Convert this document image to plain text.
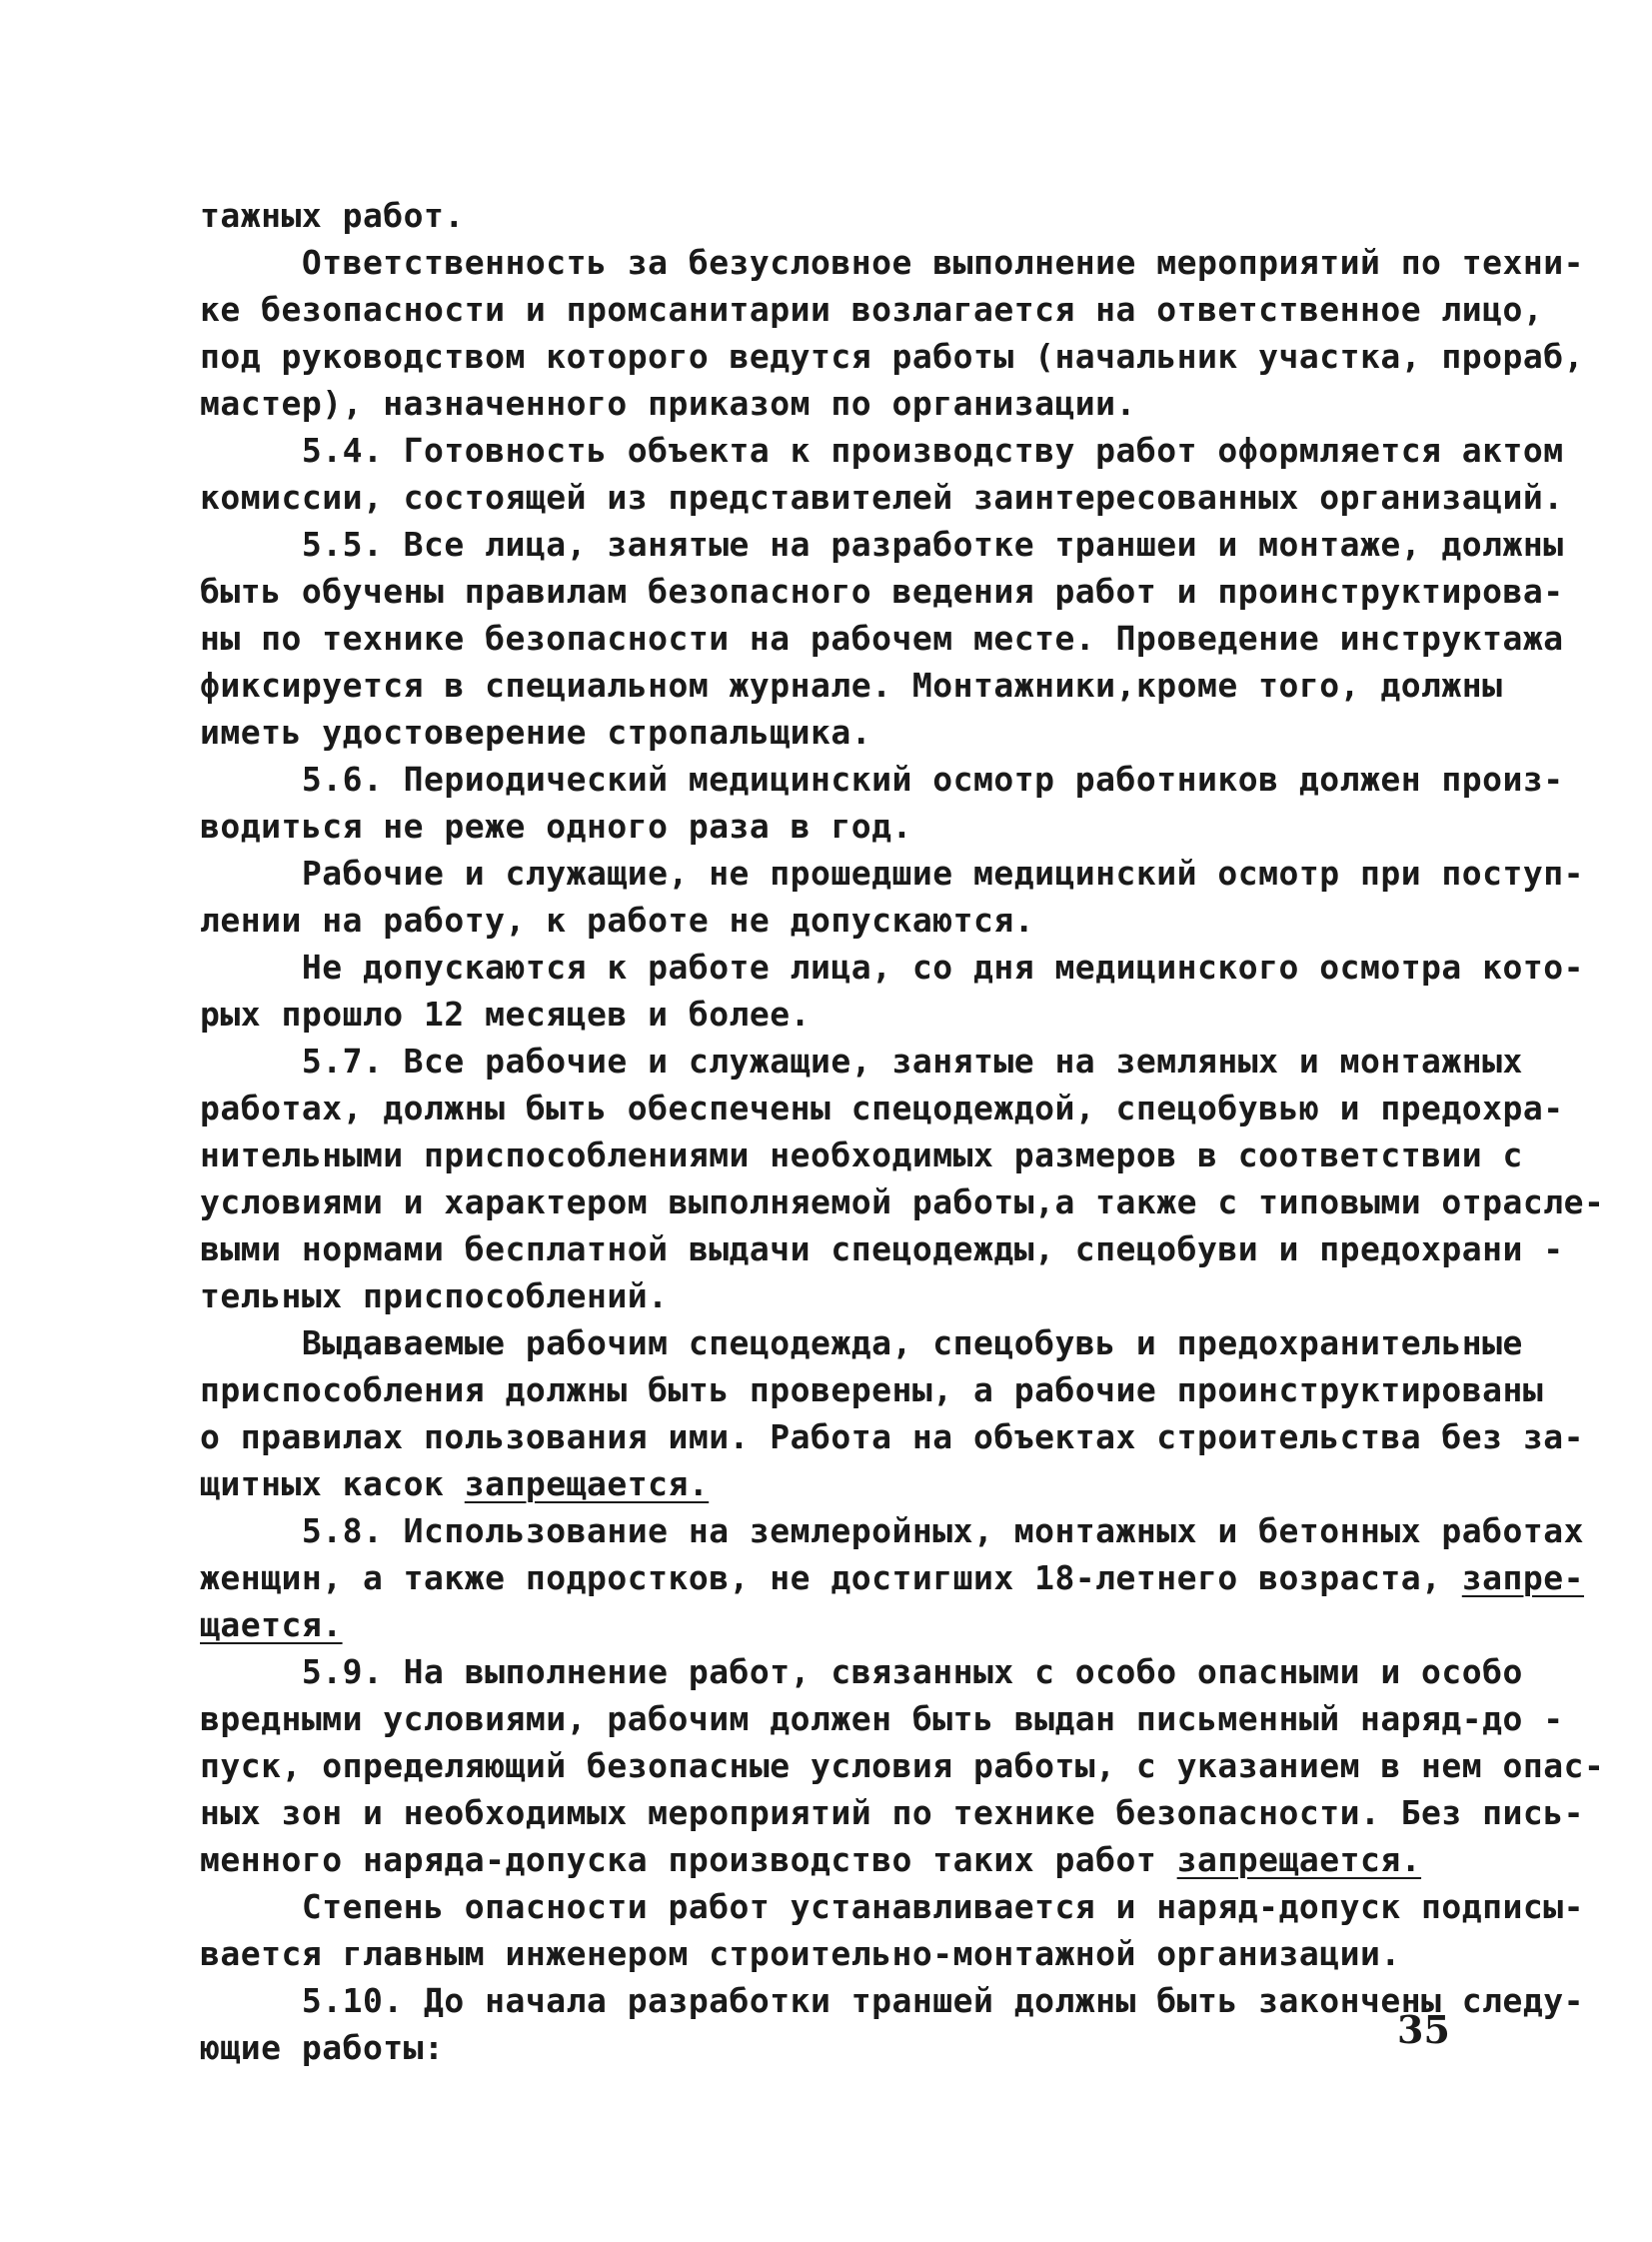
тажных работ.
Ответственность за безусловное выполнение мероприятий по техни-
ке безопасности и промсанитарии возлагается на ответственное лицо,
под руководством которого ведутся работы (начальник участка, прораб,
мастер), назначенного приказом по организации.
5.4. Готовность объекта к производству работ оформляется актом
комиссии, состоящей из представителей заинтересованных организаций.
5.5. Все лица, занятые на разработке траншеи и монтаже, должны
быть обучены правилам безопасного ведения работ и проинструктирова-
ны по технике безопасности на рабочем месте. Проведение инструктажа
фиксируется в специальном журнале. Монтажники,кроме того, должны
иметь удостоверение стропальщика.
5.6. Периодический медицинский осмотр работников должен произ-
водиться не реже одного раза в год.
Рабочие и служащие, не прошедшие медицинский осмотр при поступ-
лении на работу, к работе не допускаются.
Не допускаются к работе лица, со дня медицинского осмотра кото-
рых прошло 12 месяцев и более.
5.7. Все рабочие и служащие, занятые на земляных и монтажных
работах, должны быть обеспечены спецодеждой, спецобувью и предохра-
нительными приспособлениями необходимых размеров в соответствии с
условиями и характером выполняемой работы,а также с типовыми отрасле-
выми нормами бесплатной выдачи спецодежды, спецобуви и предохрани -
тельных приспособлений.
Выдаваемые рабочим спецодежда, спецобувь и предохранительные
приспособления должны быть проверены, а рабочие проинструктированы
о правилах пользования ими. Работа на объектах строительства без за-
щитных касок запрещается.
5.8. Использование на землеройных, монтажных и бетонных работах
женщин, а также подростков, не достигших 18-летнего возраста, запре-
щается.
5.9. На выполнение работ, связанных с особо опасными и особо
вредными условиями, рабочим должен быть выдан письменный наряд-до -
пуск, определяющий безопасные условия работы, с указанием в нем опас-
ных зон и необходимых мероприятий по технике безопасности. Без пись-
менного наряда-допуска производство таких работ запрещается.
Степень опасности работ устанавливается и наряд-допуск подписы-
вается главным инженером строительно-монтажной организации.
5.10. До начала разработки траншей должны быть закончены следу-
ющие работы:	35
